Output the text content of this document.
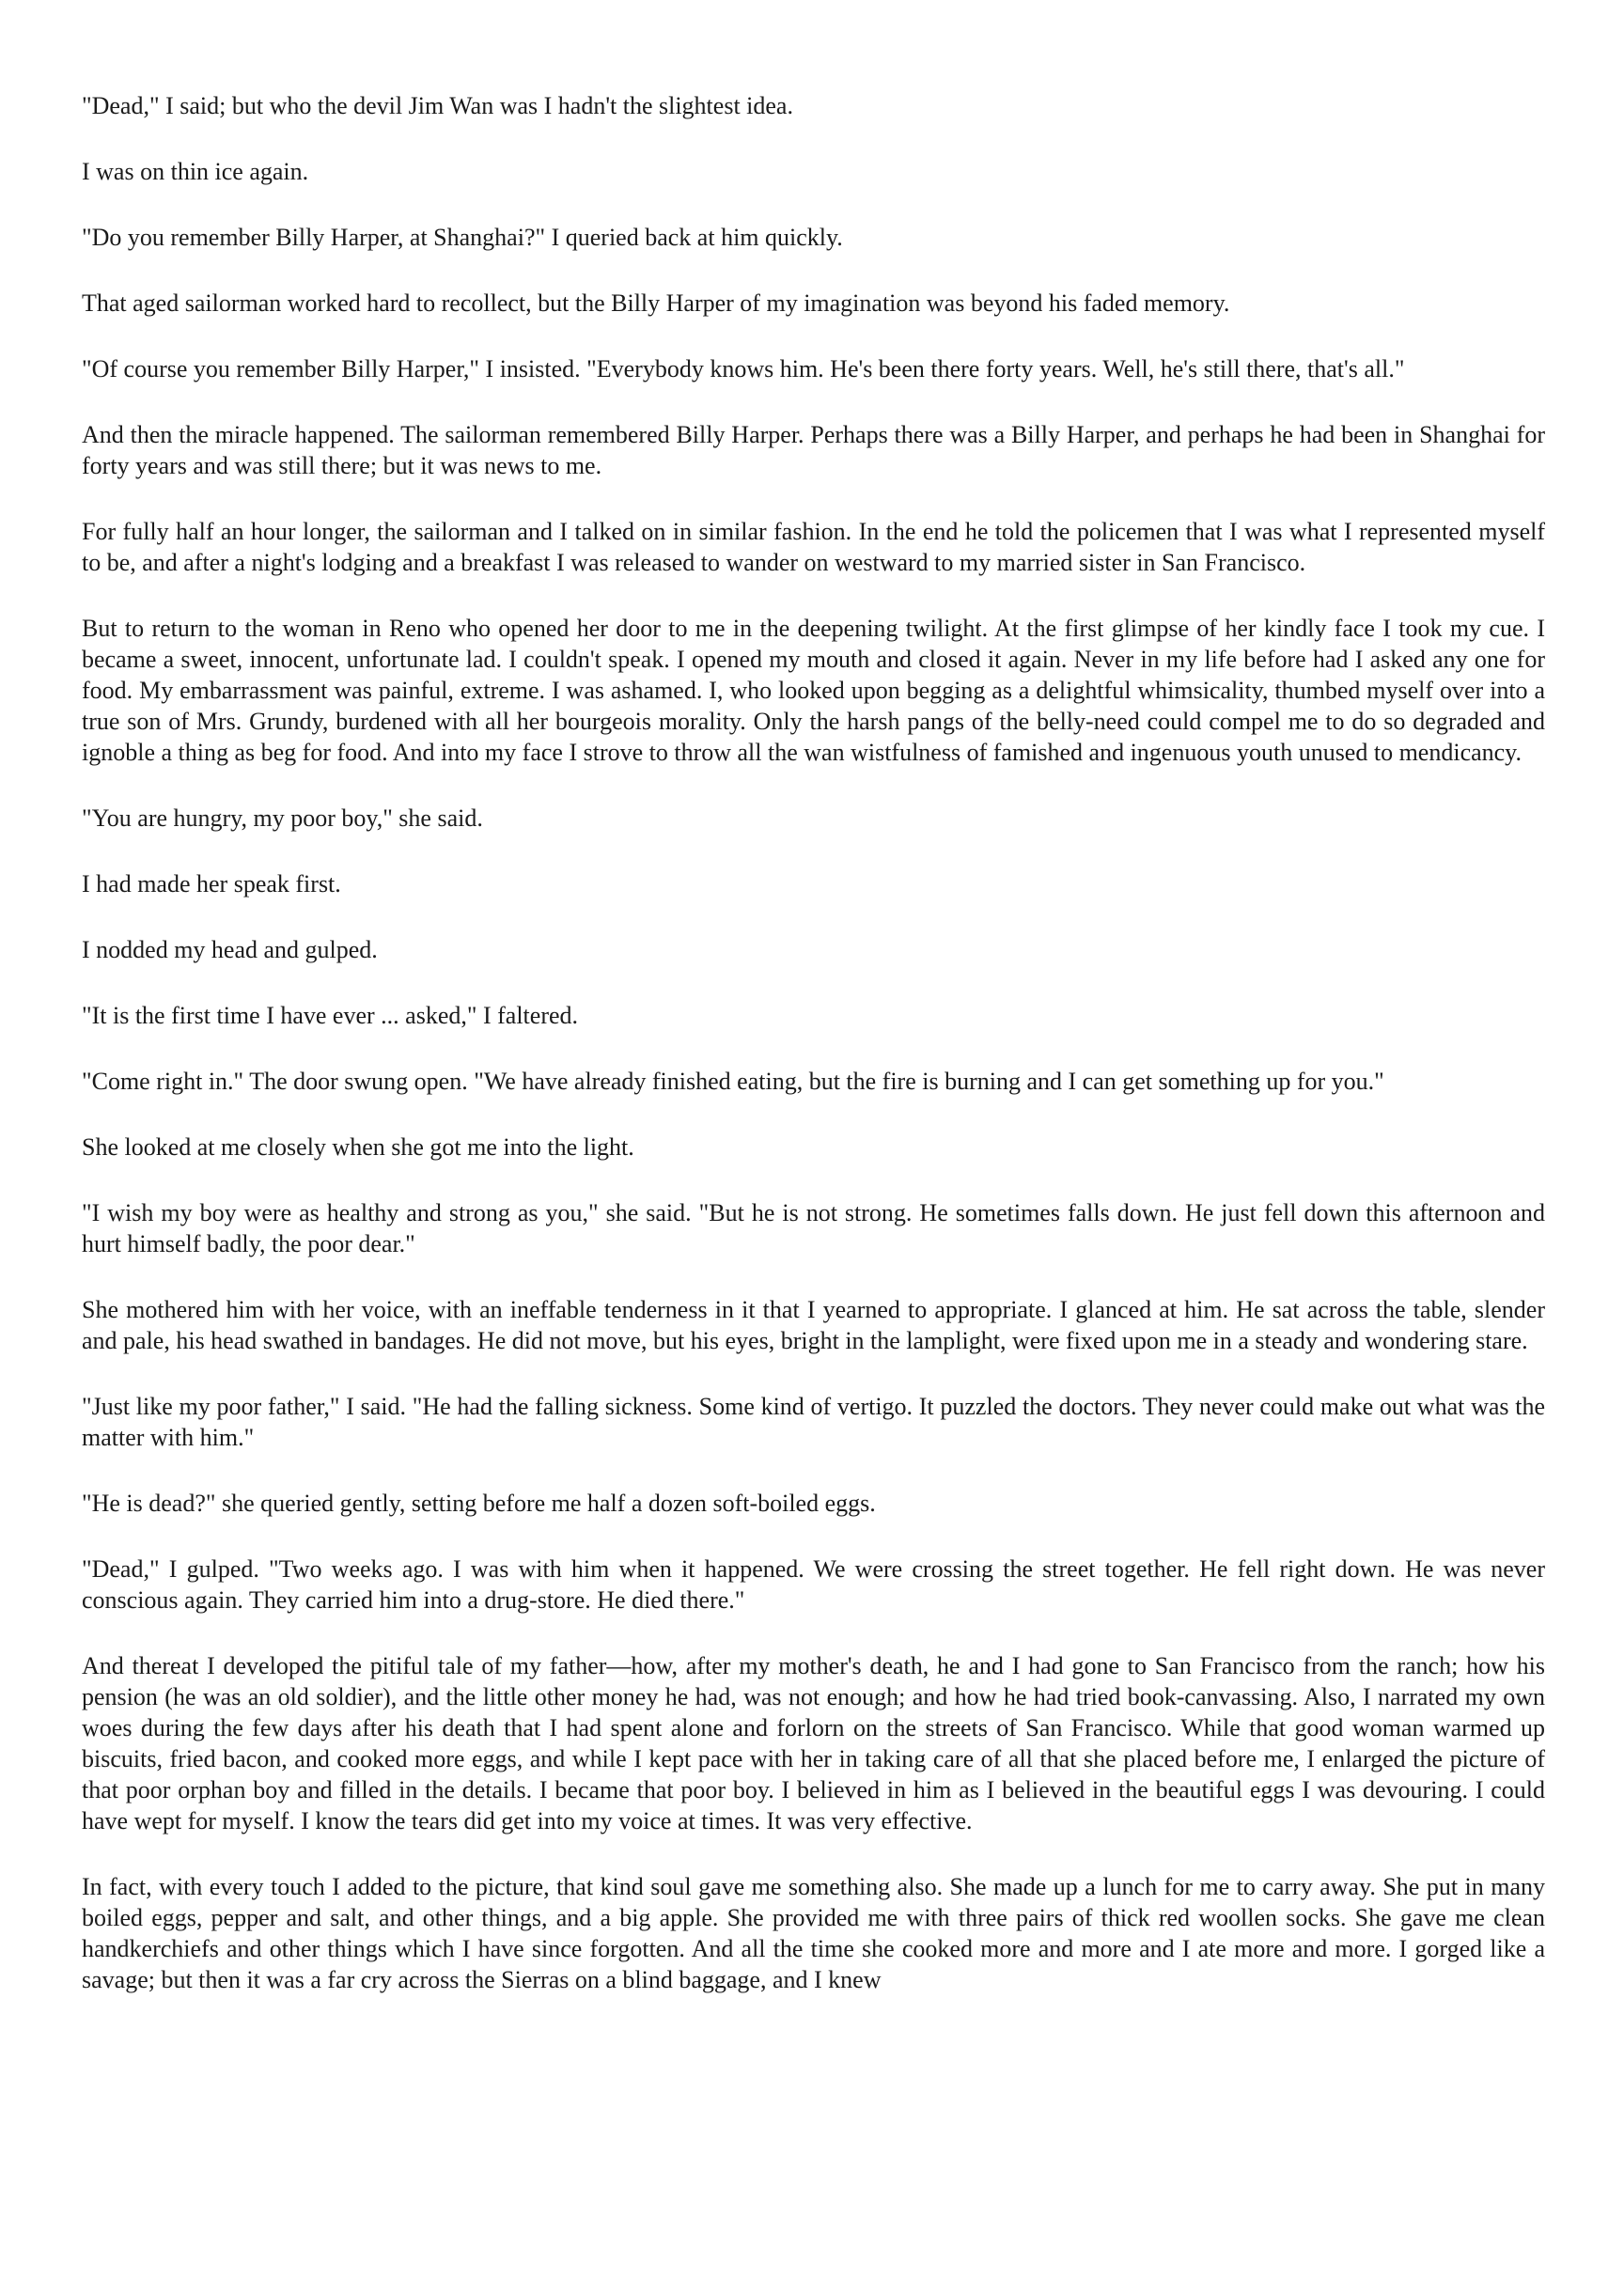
"Dead," I said; but who the devil Jim Wan was I hadn't the slightest idea.

I was on thin ice again.

"Do you remember Billy Harper, at Shanghai?" I queried back at him quickly.

That aged sailorman worked hard to recollect, but the Billy Harper of my imagination was beyond his faded memory.

"Of course you remember Billy Harper," I insisted. "Everybody knows him. He's been there forty years. Well, he's still there, that's all."

And then the miracle happened. The sailorman remembered Billy Harper. Perhaps there was a Billy Harper, and perhaps he had been in Shanghai for forty years and was still there; but it was news to me.

For fully half an hour longer, the sailorman and I talked on in similar fashion. In the end he told the policemen that I was what I represented myself to be, and after a night's lodging and a breakfast I was released to wander on westward to my married sister in San Francisco.

But to return to the woman in Reno who opened her door to me in the deepening twilight. At the first glimpse of her kindly face I took my cue. I became a sweet, innocent, unfortunate lad. I couldn't speak. I opened my mouth and closed it again. Never in my life before had I asked any one for food. My embarrassment was painful, extreme. I was ashamed. I, who looked upon begging as a delightful whimsicality, thumbed myself over into a true son of Mrs. Grundy, burdened with all her bourgeois morality. Only the harsh pangs of the belly-need could compel me to do so degraded and ignoble a thing as beg for food. And into my face I strove to throw all the wan wistfulness of famished and ingenuous youth unused to mendicancy.

"You are hungry, my poor boy," she said.

I had made her speak first.

I nodded my head and gulped.

"It is the first time I have ever ... asked," I faltered.

"Come right in." The door swung open. "We have already finished eating, but the fire is burning and I can get something up for you."

She looked at me closely when she got me into the light.

"I wish my boy were as healthy and strong as you," she said. "But he is not strong. He sometimes falls down. He just fell down this afternoon and hurt himself badly, the poor dear."

She mothered him with her voice, with an ineffable tenderness in it that I yearned to appropriate. I glanced at him. He sat across the table, slender and pale, his head swathed in bandages. He did not move, but his eyes, bright in the lamplight, were fixed upon me in a steady and wondering stare.

"Just like my poor father," I said. "He had the falling sickness. Some kind of vertigo. It puzzled the doctors. They never could make out what was the matter with him."

"He is dead?" she queried gently, setting before me half a dozen soft-boiled eggs.

"Dead," I gulped. "Two weeks ago. I was with him when it happened. We were crossing the street together. He fell right down. He was never conscious again. They carried him into a drug-store. He died there."

And thereat I developed the pitiful tale of my father—how, after my mother's death, he and I had gone to San Francisco from the ranch; how his pension (he was an old soldier), and the little other money he had, was not enough; and how he had tried book-canvassing. Also, I narrated my own woes during the few days after his death that I had spent alone and forlorn on the streets of San Francisco. While that good woman warmed up biscuits, fried bacon, and cooked more eggs, and while I kept pace with her in taking care of all that she placed before me, I enlarged the picture of that poor orphan boy and filled in the details. I became that poor boy. I believed in him as I believed in the beautiful eggs I was devouring. I could have wept for myself. I know the tears did get into my voice at times. It was very effective.

In fact, with every touch I added to the picture, that kind soul gave me something also. She made up a lunch for me to carry away. She put in many boiled eggs, pepper and salt, and other things, and a big apple. She provided me with three pairs of thick red woollen socks. She gave me clean handkerchiefs and other things which I have since forgotten. And all the time she cooked more and more and I ate more and more. I gorged like a savage; but then it was a far cry across the Sierras on a blind baggage, and I knew
